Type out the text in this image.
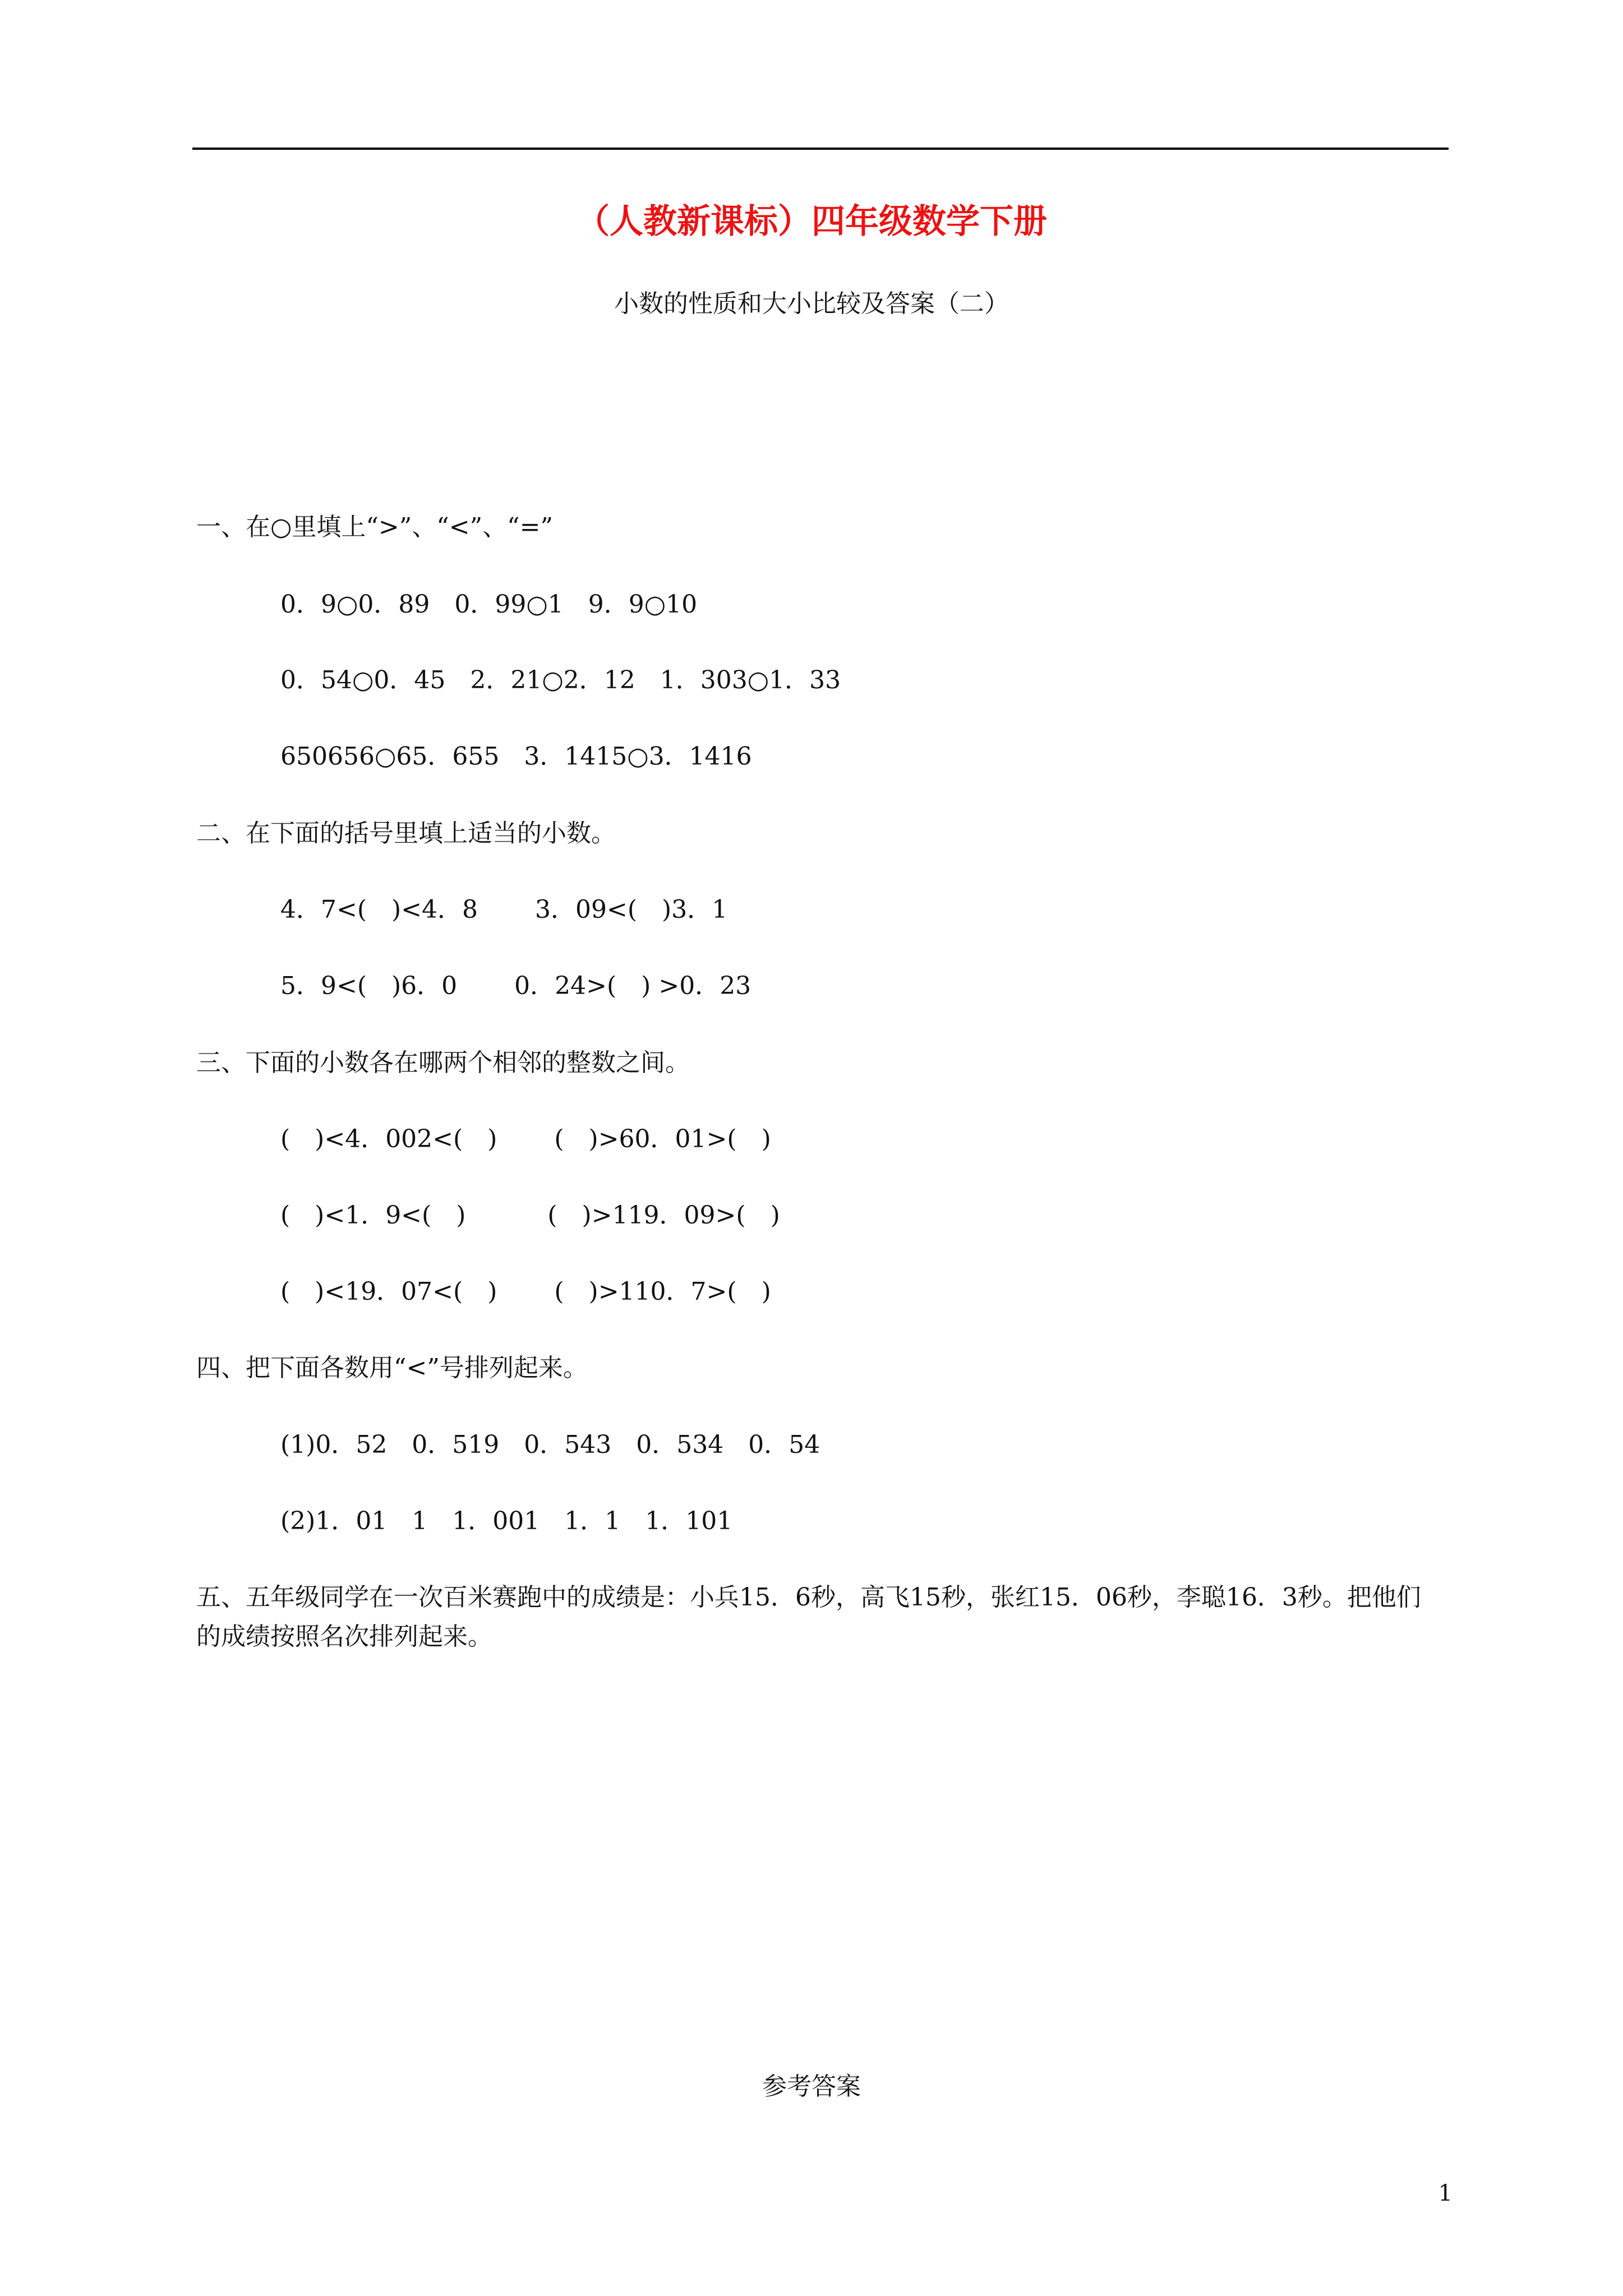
（人教新课标）四年级数学下册
小数的性质和大小比较及答案（二）
一、在○里填上“>”、“<”、“=”
0．9○0．89　0．99○1　9．9○10
0．54○0．45　2．21○2．12　1．303○1．33
650656○65．655　3．1415○3．1416
二、在下面的括号里填上适当的小数。
4．7<(　)<4．8　　 3．09<(　)3．1
5．9<(　)6．0　　 0．24>(　) >0．23
三、下面的小数各在哪两个相邻的整数之间。
(　)<4．002<(　)　　 (　)>60．01>(　)
(　)<1．9<(　)　　　 (　)>119．09>(　)
(　)<19．07<(　)　　 (　)>110．7>(　)
四、把下面各数用“<”号排列起来。
(1)0．52　0．519　0．543　0．534　0．54
(2)1．01　1　1．001　1．1　1．101
五、五年级同学在一次百米赛跑中的成绩是：小兵15．6秒，高飞15秒，张红15．06秒，李聪16．3秒。把他们的成绩按照名次排列起来。
参考答案
1
